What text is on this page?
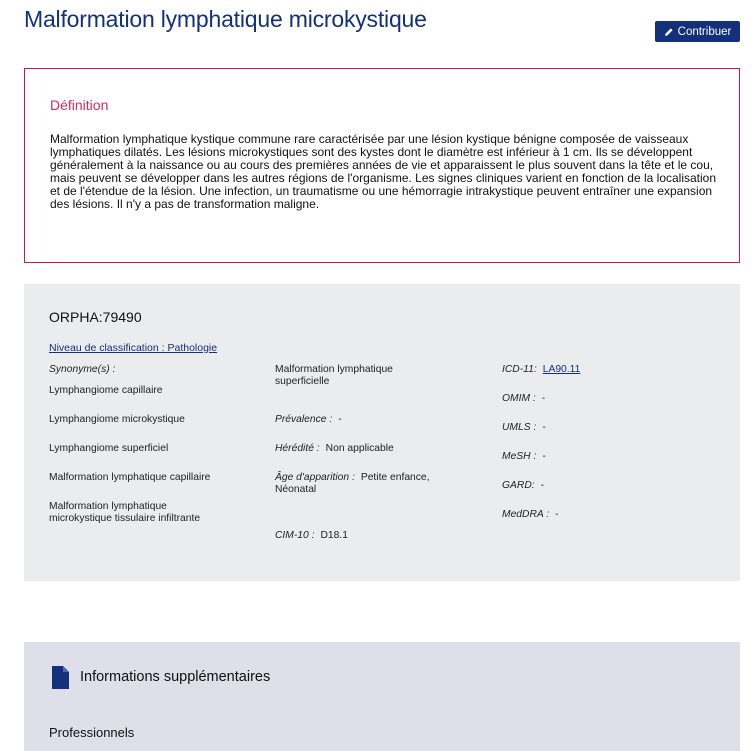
Malformation lymphatique microkystique	Contribuer
Définition

Malformation lymphatique kystique commune rare caractérisée par une lésion kystique bénigne composée de vaisseaux lymphatiques dilatés. Les lésions microkystiques sont des kystes dont le diamètre est inférieur à 1 cm. Ils se développent généralement à la naissance ou au cours des premières années de vie et apparaissent le plus souvent dans la tête et le cou, mais peuvent se développer dans les autres régions de l'organisme. Les signes cliniques varient en fonction de la localisation et de l'étendue de la lésion. Une infection, un traumatisme ou une hémorragie intrakystique peuvent entraîner une expansion des lésions. Il n'y a pas de transformation maligne.

ORPHA:79490
Niveau de classification : Pathologie
Synonyme(s) :
Lymphangiome capillaire
Lymphangiome microkystique
Lymphangiome superficiel
Malformation lymphatique capillaire
Malformation lymphatique microkystique tissulaire infiltrante
Malformation lymphatique superficielle
Prévalence : -
Hérédité : Non applicable
Âge d'apparition : Petite enfance, Néonatal
CIM-10 : D18.1
ICD-11: LA90.11
OMIM : -
UMLS : -
MeSH : -
GARD: -
MedDRA : -
Informations supplémentaires
Professionnels
